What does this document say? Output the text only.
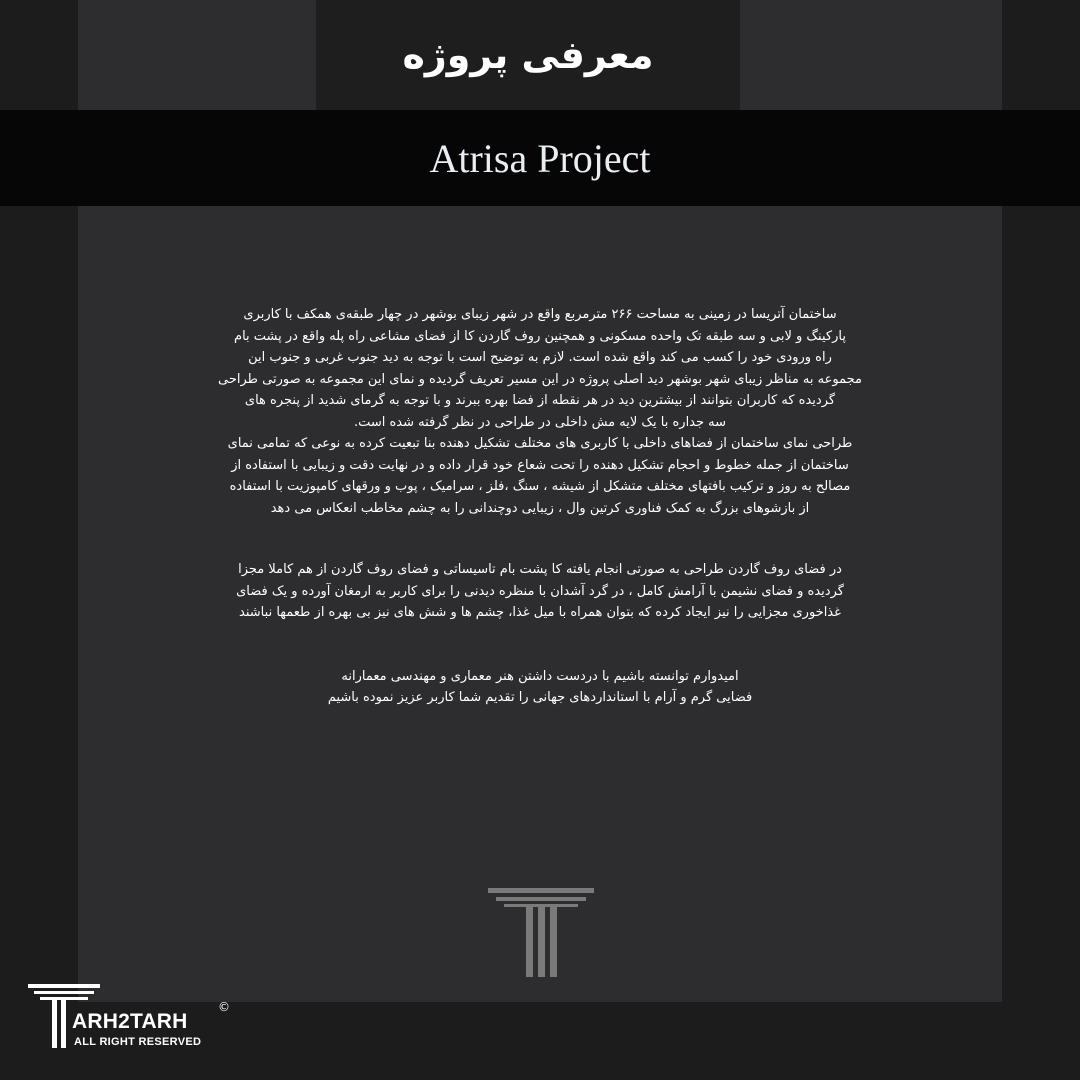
معرفی پروژه
Atrisa Project

ساختمان آتریسا در زمینی به مساحت ۲۶۶ مترمربع واقع در شهر زیبای بوشهر در چهار طبقه‌ی همکف با کاربری

پارکینگ و لابی و سه طبقه تک واحده مسکونی و همچنین روف گاردن کا از فضای مشاعی راه پله واقع در پشت بام

راه ورودی خود را کسب می کند واقع شده است. لازم به توضیح است با توجه به دید جنوب غربی و جنوب این

مجموعه به مناظر زیبای شهر بوشهر دید اصلی پروژه در این مسیر تعریف گردیده و نمای این مجموعه به صورتی طراحی

گردیده که کاربران بتوانند از بیشترین دید در هر نقطه از فضا بهره ببرند و با توجه به گرمای شدید از پنجره های

سه جداره با یک لایه مش داخلی در طراحی در نظر گرفته شده است.

طراحی نمای ساختمان از فضاهای داخلی با کاربری های مختلف تشکیل دهنده بنا تبعیت کرده به نوعی که تمامی نمای

ساختمان از جمله خطوط و احجام تشکیل دهنده را تحت شعاع خود قرار داده و در نهایت دقت و زیبایی با استفاده از

مصالح به روز و ترکیب بافتهای مختلف متشکل از شیشه ، سنگ ،فلز ، سرامیک ، پوب و ورقهای کامپوزیت با استفاده

از بازشوهای بزرگ به کمک فناوری کرتین وال ، زیبایی دوچندانی را به چشم مخاطب انعکاس می دهد

در فضای روف گاردن طراحی به صورتی انجام یافته کا پشت بام تاسیساتی و فضای روف گاردن از هم کاملا مجزا

گردیده و فضای نشیمن با آرامش کامل ، در گرد آشدان با منظره دیدنی را برای کاربر به ارمغان آورده و یک فضای

غذاخوری مجزایی را نیز ایجاد کرده که بتوان همراه با میل غذا، چشم ها و شش های نیز بی بهره از طعمها نباشند

امیدوارم توانسته باشیم با دردست داشتن هنر معماری و مهندسی معمارانه

فضایی گرم و آرام با استانداردهای جهانی را تقدیم شما کاربر عزیز نموده باشیم

ARH2TARH
©
ALL RIGHT RESERVED
